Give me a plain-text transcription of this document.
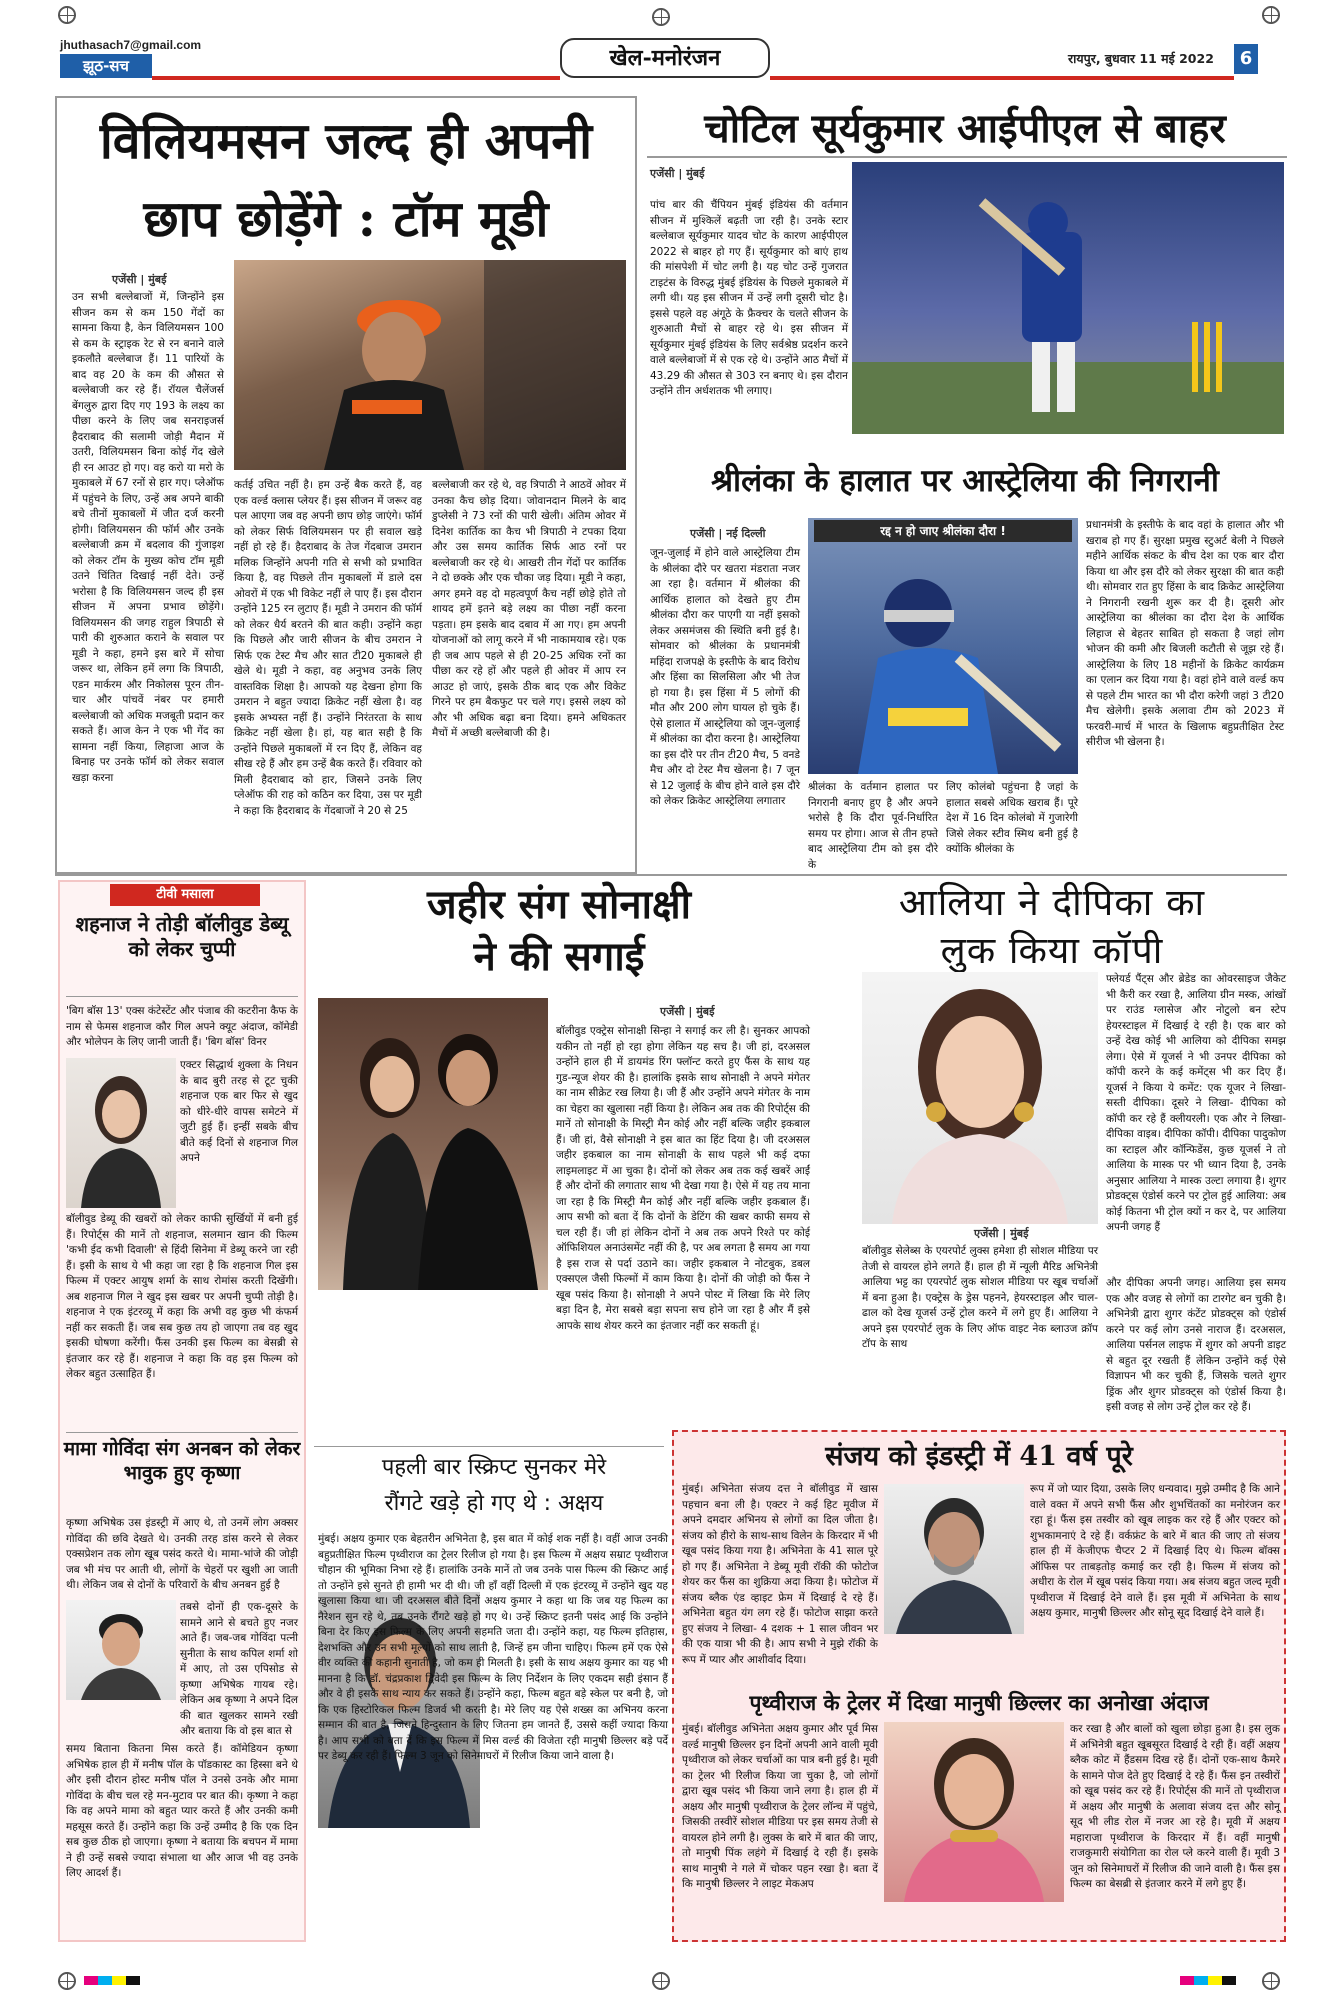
jhuthasach7@gmail.com
झूठ-सच	खेल-मनोरंजन	रायपुर, बुधवार 11 मई 2022	6
विलियमसन जल्द ही अपनी
छाप छोड़ेंगे : टॉम मूडी
एजेंसी | मुंबई
उन सभी बल्लेबाजों में, जिन्होंने इस सीजन कम से कम 150 गेंदों का सामना किया है, केन विलियमसन 100 से कम के स्ट्राइक रेट से रन बनाने वाले इकलौते बल्लेबाज हैं। 11 पारियों के बाद वह 20 के कम की औसत से बल्लेबाजी कर रहे हैं। रॉयल चैलेंजर्स बेंगलुरु द्वारा दिए गए 193 के लक्ष्य का पीछा करने के लिए जब सनराइजर्स हैदराबाद की सलामी जोड़ी मैदान में उतरी, विलियमसन बिना कोई गेंद खेले ही रन आउट हो गए। वह करो या मरो के मुकाबले में 67 रनों से हार गए। प्लेऑफ में पहुंचने के लिए, उन्हें अब अपने बाकी बचे तीनों मुकाबलों में जीत दर्ज करनी होगी। विलियमसन की फॉर्म और उनके बल्लेबाजी क्रम में बदलाव की गुंजाइश को लेकर टॉम के मुख्य कोच टॉम मूडी उतने चिंतित दिखाई नहीं देते। उन्हें भरोसा है कि विलियमसन जल्द ही इस सीजन में अपना प्रभाव छोड़ेंगे। विलियमसन की जगह राहुल त्रिपाठी से पारी की शुरुआत कराने के सवाल पर मूडी ने कहा, हमने इस बारे में सोचा जरूर था, लेकिन हमें लगा कि त्रिपाठी, एडन मार्करम और निकोलस पूरन तीन-चार और पांचवें नंबर पर हमारी बल्लेबाजी को अधिक मजबूती प्रदान कर सकते हैं। आज केन ने एक भी गेंद का सामना नहीं किया, लिहाजा आज के बिनाह पर उनके फॉर्म को लेकर सवाल खड़ा करना
कर्तई उचित नहीं है। हम उन्हें बैक करते हैं, वह एक वर्ल्ड क्लास प्लेयर हैं। इस सीजन में जरूर वह पल आएगा जब वह अपनी छाप छोड़ जाएंगे। फॉर्म को लेकर सिर्फ विलियमसन पर ही सवाल खड़े नहीं हो रहे हैं। हैदराबाद के तेज गेंदबाज उमरान मलिक जिन्होंने अपनी गति से सभी को प्रभावित किया है, वह पिछले तीन मुकाबलों में डाले दस ओवरों में एक भी विकेट नहीं ले पाए हैं। इस दौरान उन्होंने 125 रन लुटाए हैं। मूडी ने उमरान की फॉर्म को लेकर धैर्य बरतने की बात कही। उन्होंने कहा कि पिछले और जारी सीजन के बीच उमरान ने सिर्फ एक टेस्ट मैच और सात टी20 मुकाबले ही खेले थे। मूडी ने कहा, वह अनुभव उनके लिए वास्तविक शिक्षा है। आपको यह देखना होगा कि उमरान ने बहुत ज्यादा क्रिकेट नहीं खेला है। वह इसके अभ्यस्त नहीं हैं। उन्होंने निरंतरता के साथ क्रिकेट नहीं खेला है। हां, यह बात सही है कि उन्होंने पिछले मुकाबलों में रन दिए हैं, लेकिन वह सीख रहे हैं और हम उन्हें बैक करते हैं। रविवार को मिली हैदराबाद को हार, जिसने उनके लिए प्लेऑफ की राह को कठिन कर दिया, उस पर मूडी ने कहा कि हैदराबाद के गेंदबाजों ने 20 से 25
बल्लेबाजी कर रहे थे, वह त्रिपाठी ने आठवें ओवर में उनका कैच छोड़ दिया। जोवानदान मिलने के बाद डुप्लेसी ने 73 रनों की पारी खेली। अंतिम ओवर में दिनेश कार्तिक का कैच भी त्रिपाठी ने टपका दिया और उस समय कार्तिक सिर्फ आठ रनों पर बल्लेबाजी कर रहे थे। आखरी तीन गेंदों पर कार्तिक ने दो छक्के और एक चौका जड़ दिया। मूडी ने कहा, अगर हमने वह दो महत्वपूर्ण कैच नहीं छोड़े होते तो शायद हमें इतने बड़े लक्ष्य का पीछा नहीं करना पड़ता। हम इसके बाद दबाव में आ गए। हम अपनी योजनाओं को लागू करने में भी नाकामयाब रहे। एक ही जब आप पहले से ही 20-25 अधिक रनों का पीछा कर रहे हों और पहले ही ओवर में आप रन आउट हो जाएं, इसके ठीक बाद एक और विकेट गिरने पर हम बैकफुट पर चले गए। इससे लक्ष्य को और भी अधिक बढ़ा बना दिया। हमने अधिकतर मैचों में अच्छी बल्लेबाजी की है।
चोटिल सूर्यकुमार आईपीएल से बाहर
एजेंसी | मुंबई
पांच बार की चैंपियन मुंबई इंडियंस की वर्तमान सीजन में मुश्किलें बढ़ती जा रही है। उनके स्टार बल्लेबाज सूर्यकुमार यादव चोट के कारण आईपीएल 2022 से बाहर हो गए हैं। सूर्यकुमार को बाएं हाथ की मांसपेशी में चोट लगी है। यह चोट उन्हें गुजरात टाइटंस के विरुद्ध मुंबई इंडियंस के पिछले मुकाबले में लगी थी। यह इस सीजन में उन्हें लगी दूसरी चोट है। इससे पहले वह अंगूठे के फ्रैक्चर के चलते सीजन के शुरुआती मैचों से बाहर रहे थे। इस सीजन में सूर्यकुमार मुंबई इंडियंस के लिए सर्वश्रेष्ठ प्रदर्शन करने वाले बल्लेबाजों में से एक रहे थे। उन्होंने आठ मैचों में 43.29 की औसत से 303 रन बनाए थे। इस दौरान उन्होंने तीन अर्धशतक भी लगाए।
श्रीलंका के हालात पर आस्ट्रेलिया की निगरानी
एजेंसी | नई दिल्ली
जून-जुलाई में होने वाले आस्ट्रेलिया टीम के श्रीलंका दौरे पर खतरा मंडराता नजर आ रहा है। वर्तमान में श्रीलंका की आर्थिक हालात को देखते हुए टीम श्रीलंका दौरा कर पाएगी या नहीं इसको लेकर असमंजस की स्थिति बनी हुई है। सोमवार को श्रीलंका के प्रधानमंत्री महिंदा राजपक्षे के इस्तीफे के बाद विरोध और हिंसा का सिलसिला और भी तेज हो गया है। इस हिंसा में 5 लोगों की मौत और 200 लोग घायल हो चुके हैं। ऐसे हालात में आस्ट्रेलिया को जून-जुलाई में श्रीलंका का दौरा करना है। आस्ट्रेलिया का इस दौरे पर तीन टी20 मैच, 5 वनडे मैच और दो टेस्ट मैच खेलना है। 7 जून से 12 जुलाई के बीच होने वाले इस दौरे को लेकर क्रिकेट आस्ट्रेलिया लगातार
रद्द न हो जाए श्रीलंका दौरा !
श्रीलंका के वर्तमान हालात पर निगरानी बनाए हुए है और अपने भरोसे है कि दौरा पूर्व-निर्धारित समय पर होगा। आज से तीन हफ्ते बाद आस्ट्रेलिया टीम को इस दौरे के
लिए कोलंबो पहुंचना है जहां के हालात सबसे अधिक खराब हैं। पूरे देश में 16 दिन कोलंबो में गुजारेगी जिसे लेकर स्टीव स्मिथ बनी हुई है क्योंकि श्रीलंका के
प्रधानमंत्री के इस्तीफे के बाद वहां के हालात और भी खराब हो गए हैं। सुरक्षा प्रमुख स्टुअर्ट बेली ने पिछले महीने आर्थिक संकट के बीच देश का एक बार दौरा किया था और इस दौरे को लेकर सुरक्षा की बात कही थी। सोमवार रात हुए हिंसा के बाद क्रिकेट आस्ट्रेलिया ने निगरानी रखनी शुरू कर दी है। दूसरी ओर आस्ट्रेलिया का श्रीलंका का दौरा देश के आर्थिक लिहाज से बेहतर साबित हो सकता है जहां लोग भोजन की कमी और बिजली कटौती से जूझ रहे हैं। आस्ट्रेलिया के लिए 18 महीनों के क्रिकेट कार्यक्रम का एलान कर दिया गया है। वहां होने वाले वर्ल्ड कप से पहले टीम भारत का भी दौरा करेगी जहां 3 टी20 मैच खेलेगी। इसके अलावा टीम को 2023 में फरवरी-मार्च में भारत के खिलाफ बहुप्रतीक्षित टेस्ट सीरीज भी खेलना है।
टीवी मसाला
शहनाज ने तोड़ी बॉलीवुड डेब्यू को लेकर चुप्पी
'बिग बॉस 13' एक्स कंटेस्टेंट और पंजाब की कटरीना कैफ के नाम से फेमस शहनाज कौर गिल अपने क्यूट अंदाज, कॉमेडी और भोलेपन के लिए जानी जाती हैं। 'बिग बॉस' विनर
एक्टर सिद्धार्थ शुक्ला के निधन के बाद बुरी तरह से टूट चुकी शहनाज एक बार फिर से खुद को धीरे-धीरे वापस समेटने में जुटी हुई हैं। इन्हीं सबके बीच बीते कई दिनों से शहनाज गिल अपने
बॉलीवुड डेब्यू की खबरों को लेकर काफी सुर्खियों में बनी हुई हैं। रिपोर्ट्स की मानें तो शहनाज, सलमान खान की फिल्म 'कभी ईद कभी दिवाली' से हिंदी सिनेमा में डेब्यू करने जा रही हैं। इसी के साथ ये भी कहा जा रहा है कि शहनाज गिल इस फिल्म में एक्टर आयुष शर्मा के साथ रोमांस करती दिखेंगी। अब शहनाज गिल ने खुद इस खबर पर अपनी चुप्पी तोड़ी है। शहनाज ने एक इंटरव्यू में कहा कि अभी वह कुछ भी कंफर्म नहीं कर सकती हैं। जब सब कुछ तय हो जाएगा तब वह खुद इसकी घोषणा करेंगी। फैंस उनकी इस फिल्म का बेसब्री से इंतजार कर रहे हैं। शहनाज ने कहा कि वह इस फिल्म को लेकर बहुत उत्साहित हैं।
मामा गोविंदा संग अनबन को लेकर भावुक हुए कृष्णा
कृष्णा अभिषेक उस इंडस्ट्री में आए थे, तो उनमें लोग अक्सर गोविंदा की छवि देखते थे। उनकी तरह डांस करने से लेकर एक्सप्रेशन तक लोग खूब पसंद करते थे। मामा-भांजे की जोड़ी जब भी मंच पर आती थी, लोगों के चेहरों पर खुशी आ जाती थी। लेकिन जब से दोनों के परिवारों के बीच अनबन हुई है
तबसे दोनों ही एक-दूसरे के सामने आने से बचते हुए नजर आते हैं। जब-जब गोविंदा पत्नी सुनीता के साथ कपिल शर्मा शो में आए, तो उस एपिसोड से कृष्णा अभिषेक गायब रहे। लेकिन अब कृष्णा ने अपने दिल की बात खुलकर सामने रखी और बताया कि वो इस बात से
समय बिताना कितना मिस करते हैं। कॉमेडियन कृष्णा अभिषेक हाल ही में मनीष पॉल के पॉडकास्ट का हिस्सा बने थे और इसी दौरान होस्ट मनीष पॉल ने उनसे उनके और मामा गोविंदा के बीच चल रहे मन-मुटाव पर बात की। कृष्णा ने कहा कि वह अपने मामा को बहुत प्यार करते हैं और उनकी कमी महसूस करते हैं। उन्होंने कहा कि उन्हें उम्मीद है कि एक दिन सब कुछ ठीक हो जाएगा। कृष्णा ने बताया कि बचपन में मामा ने ही उन्हें सबसे ज्यादा संभाला था और आज भी वह उनके लिए आदर्श हैं।
जहीर संग सोनाक्षी
ने की सगाई
एजेंसी | मुंबई
बॉलीवुड एक्ट्रेस सोनाक्षी सिन्हा ने सगाई कर ली है। सुनकर आपको यकीन तो नहीं हो रहा होगा लेकिन यह सच है। जी हां, दरअसल उन्होंने हाल ही में डायमंड रिंग फ्लॉन्ट करते हुए फैंस के साथ यह गुड-न्यूज शेयर की है। हालांकि इसके साथ सोनाक्षी ने अपने मंगेतर का नाम सीक्रेट रख लिया है। जी हैं और उन्होंने अपने मंगेतर के नाम का चेहरा का खुलासा नहीं किया है। लेकिन अब तक की रिपोर्ट्स की मानें तो सोनाक्षी के मिस्ट्री मैन कोई और नहीं बल्कि जहीर इकबाल हैं। जी हां, वैसे सोनाक्षी ने इस बात का हिंट दिया है। जी दरअसल जहीर इकबाल का नाम सोनाक्षी के साथ पहले भी कई दफा लाइमलाइट में आ चुका है। दोनों को लेकर अब तक कई खबरें आईं हैं और दोनों की लगातार साथ भी देखा गया है। ऐसे में यह तय माना जा रहा है कि मिस्ट्री मैन कोई और नहीं बल्कि जहीर इकबाल हैं। आप सभी को बता दें कि दोनों के डेटिंग की खबर काफी समय से चल रही हैं। जी हां लेकिन दोनों ने अब तक अपने रिश्ते पर कोई ऑफिशियल अनाउंसमेंट नहीं की है, पर अब लगता है समय आ गया है इस राज से पर्दा उठाने का। जहीर इकबाल ने नोटबुक, डबल एक्सएल जैसी फिल्मों में काम किया है। दोनों की जोड़ी को फैंस ने खूब पसंद किया है। सोनाक्षी ने अपने पोस्ट में लिखा कि मेरे लिए बड़ा दिन है, मेरा सबसे बड़ा सपना सच होने जा रहा है और मैं इसे आपके साथ शेयर करने का इंतजार नहीं कर सकती हूं।
आलिया ने दीपिका का
लुक किया कॉपी
फ्लेयर्ड पैंट्स और ब्रेडेड का ओवरसाइज जैकेट भी कैरी कर रखा है, आलिया ग्रीन मस्क, आंखों पर राउंड ग्लासेज और नोटुलो बन स्टेप हेयरस्टाइल में दिखाई दे रही है। एक बार को उन्हें देख कोई भी आलिया को दीपिका समझ लेगा। ऐसे में यूजर्स ने भी उनपर दीपिका को कॉपी करने के कई कमेंट्स भी कर दिए हैं। यूजर्स ने किया ये कमेंट: एक यूजर ने लिखा- सस्ती दीपिका। दूसरे ने लिखा- दीपिका को कॉपी कर रहे हैं क्लीयरली। एक और ने लिखा- दीपिका वाइब। दीपिका कॉपी। दीपिका पादुकोण का स्टाइल और कॉन्फिडेंस, कुछ यूजर्स ने तो आलिया के मास्क पर भी ध्यान दिया है, उनके अनुसार आलिया ने मास्क उल्टा लगाया है। शुगर प्रोडक्ट्स एंडोर्स करने पर ट्रोल हुई आलिया: अब कोई कितना भी ट्रोल क्यों न कर दे, पर आलिया अपनी जगह हैं
एजेंसी | मुंबई
बॉलीवुड सेलेब्स के एयरपोर्ट लुक्स हमेशा ही सोशल मीडिया पर तेजी से वायरल होने लगते हैं। हाल ही में न्यूली मैरिड अभिनेत्री आलिया भट्ट का एयरपोर्ट लुक सोशल मीडिया पर खूब चर्चाओं में बना हुआ है। एक्ट्रेस के ड्रेस पहनने, हेयरस्टाइल और चाल-ढाल को देख यूजर्स उन्हें ट्रोल करने में लगे हुए हैं। आलिया ने अपने इस एयरपोर्ट लुक के लिए ऑफ वाइट नेक ब्लाउज क्रॉप टॉप के साथ
और दीपिका अपनी जगह। आलिया इस समय एक और वजह से लोगों का टारगेट बन चुकी है। अभिनेत्री द्वारा शुगर कंटेंट प्रोडक्ट्स को एंडोर्स करने पर कई लोग उनसे नाराज हैं। दरअसल, आलिया पर्सनल लाइफ में शुगर को अपनी डाइट से बहुत दूर रखती हैं लेकिन उन्होंने कई ऐसे विज्ञापन भी कर चुकी हैं, जिसके चलते शुगर ड्रिंक और शुगर प्रोडक्ट्स को एंडोर्स किया है। इसी वजह से लोग उन्हें ट्रोल कर रहे हैं।
पहली बार स्क्रिप्ट सुनकर मेरे
रौंगटे खड़े हो गए थे : अक्षय
मुंबई। अक्षय कुमार एक बेहतरीन अभिनेता है, इस बात में कोई शक नहीं है। वहीं आज उनकी बहुप्रतीक्षित फिल्म पृथ्वीराज का ट्रेलर रिलीज हो गया है। इस फिल्म में अक्षय सम्राट पृथ्वीराज चौहान की भूमिका निभा रहे हैं। हालांकि उनके मानें तो जब उनके पास फिल्म की स्क्रिप्ट आई तो उन्होंने इसे सुनते ही हामी भर दी थी। जी हाँ वहीं दिल्ली में एक इंटरव्यू में उन्होंने खुद यह खुलासा किया था। जी दरअसल बीते दिनों अक्षय कुमार ने कहा था कि जब यह फिल्म का नैरेशन सुन रहे थे, तब उनके रौंगटे खड़े हो गए थे। उन्हें स्क्रिप्ट इतनी पसंद आई कि उन्होंने बिना देर किए इस फिल्म के लिए अपनी सहमति जता दी। उन्होंने कहा, यह फिल्म इतिहास, देशभक्ति और उन सभी मूल्यों को साथ लाती है, जिन्हें हम जीना चाहिए। फिल्म हमें एक ऐसे वीर व्यक्ति की कहानी सुनाती है, जो कम ही मिलती है। इसी के साथ अक्षय कुमार का यह भी मानना है कि डॉ. चंद्रप्रकाश द्विवेदी इस फिल्म के लिए निर्देशन के लिए एकदम सही इंसान हैं और वे ही इसके साथ न्याय कर सकते हैं। उन्होंने कहा, फिल्म बहुत बड़े स्केल पर बनी है, जो कि एक हिस्टोरिकल फिल्म डिजर्व भी करती है। मेरे लिए यह ऐसे शख्स का अभिनय करना सम्मान की बात है, जिसने हिन्दुस्तान के लिए जितना हम जानते हैं, उससे कहीं ज्यादा किया है। आप सभी को बता दें कि इस फिल्म में मिस वर्ल्ड की विजेता रही मानुषी छिल्लर बड़े पर्दे पर डेब्यू कर रही हैं। फिल्म 3 जून को सिनेमाघरों में रिलीज किया जाने वाला है।
संजय को इंडस्ट्री में 41 वर्ष पूरे
मुंबई। अभिनेता संजय दत्त ने बॉलीवुड में खास पहचान बना ली है। एक्टर ने कई हिट मूवीज में अपने दमदार अभिनय से लोगों का दिल जीता है। संजय को हीरो के साथ-साथ विलेन के किरदार में भी खूब पसंद किया गया है। अभिनेता के 41 साल पूरे हो गए हैं। अभिनेता ने डेब्यू मूवी रॉकी की फोटोज शेयर कर फैंस का शुक्रिया अदा किया है। फोटोज में संजय ब्लैक एंड व्हाइट फ्रेम में दिखाई दे रहे हैं। अभिनेता बहुत यंग लग रहे हैं। फोटोज साझा करते हुए संजय ने लिखा- 4 दशक + 1 साल जीवन भर की एक यात्रा भी की है। आप सभी ने मुझे रॉकी के रूप में प्यार और आशीर्वाद दिया।
रूप में जो प्यार दिया, उसके लिए धन्यवाद। मुझे उम्मीद है कि आने वाले वक्त में अपने सभी फैंस और शुभचिंतकों का मनोरंजन कर रहा हूं। फैंस इस तस्वीर को खूब लाइक कर रहे हैं और एक्टर को शुभकामनाएं दे रहे हैं। वर्कफ्रंट के बारे में बात की जाए तो संजय हाल ही में केजीएफ चैप्टर 2 में दिखाई दिए थे। फिल्म बॉक्स ऑफिस पर ताबड़तोड़ कमाई कर रही है। फिल्म में संजय को अधीरा के रोल में खूब पसंद किया गया। अब संजय बहुत जल्द मूवी पृथ्वीराज में दिखाई देने वाले हैं। इस मूवी में अभिनेता के साथ अक्षय कुमार, मानुषी छिल्लर और सोनू सूद दिखाई देने वाले हैं।
पृथ्वीराज के ट्रेलर में दिखा मानुषी छिल्लर का अनोखा अंदाज
मुंबई। बॉलीवुड अभिनेता अक्षय कुमार और पूर्व मिस वर्ल्ड मानुषी छिल्लर इन दिनों अपनी आने वाली मूवी पृथ्वीराज को लेकर चर्चाओं का पात्र बनी हुई है। मूवी का ट्रेलर भी रिलीज किया जा चुका है, जो लोगों द्वारा खूब पसंद भी किया जाने लगा है। हाल ही में अक्षय और मानुषी पृथ्वीराज के ट्रेलर लॉन्च में पहुंचे, जिसकी तस्वीरें सोशल मीडिया पर इस समय तेजी से वायरल होने लगी है। लुक्स के बारे में बात की जाए, तो मानुषी पिंक लहंगे में दिखाई दे रही हैं। इसके साथ मानुषी ने गले में चोकर पहन रखा है। बता दें कि मानुषी छिल्लर ने लाइट मेकअप
कर रखा है और बालों को खुला छोड़ा हुआ है। इस लुक में अभिनेत्री बहुत खूबसूरत दिखाई दे रही हैं। वहीं अक्षय ब्लैक कोट में हैंडसम दिख रहे हैं। दोनों एक-साथ कैमरे के सामने पोज देते हुए दिखाई दे रहे हैं। फैंस इन तस्वीरों को खूब पसंद कर रहे हैं। रिपोर्ट्स की मानें तो पृथ्वीराज में अक्षय और मानुषी के अलावा संजय दत्त और सोनू सूद भी लीड रोल में नजर आ रहे है। मूवी में अक्षय महाराजा पृथ्वीराज के किरदार में हैं। वहीं मानुषी राजकुमारी संयोगिता का रोल प्ले करने वाली हैं। मूवी 3 जून को सिनेमाघरों में रिलीज की जाने वाली है। फैंस इस फिल्म का बेसब्री से इंतजार करने में लगे हुए हैं।
